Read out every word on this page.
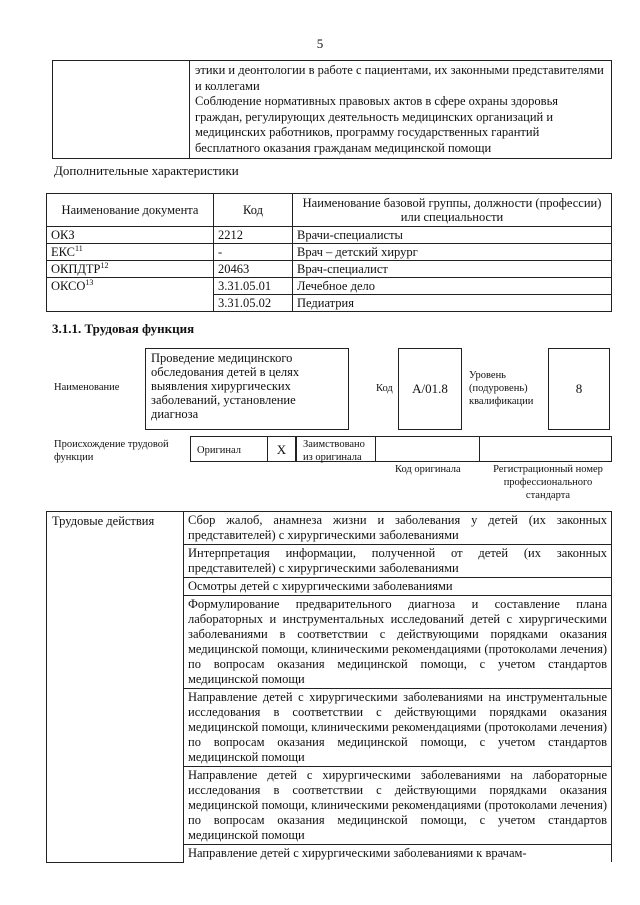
5

этики и деонтологии в работе с пациентами, их законными представителями и коллегами
Соблюдение нормативных правовых актов в сфере охраны здоровья граждан, регулирующих деятельность медицинских организаций и медицинских работников, программу государственных гарантий бесплатного оказания гражданам медицинской помощи
Дополнительные характеристики
Наименование документа	Код	Наименование базовой группы, должности (профессии) или специальности
ОКЗ	2212	Врачи-специалисты
ЕКС$^{11}$	-	Врач – детский хирург
ОКПДТР$^{12}$	20463	Врач-специалист
ОКСО$^{13}$	3.31.05.01	Лечебное дело
	3.31.05.02	Педиатрия
3.1.1. Трудовая функция
Наименование
Проведение медицинского обследования детей в целях выявления хирургических заболеваний, установление диагноза
Код А/01.8
Уровень (подуровень) квалификации
8
Происхождение трудовой функции
Оригинал	X	Заимствовано из оригинала
Код оригинала	Регистрационный номер профессионального стандарта
Трудовые действия	Сбор жалоб, анамнеза жизни и заболевания у детей (их законных представителей) с хирургическими заболеваниями
Интерпретация информации, полученной от детей (их законных представителей) с хирургическими заболеваниями
Осмотры детей с хирургическими заболеваниями
Формулирование предварительного диагноза и составление плана лабораторных и инструментальных исследований детей с хирургическими заболеваниями в соответствии с действующими порядками оказания медицинской помощи, клиническими рекомендациями (протоколами лечения) по вопросам оказания медицинской помощи, с учетом стандартов медицинской помощи
Направление детей с хирургическими заболеваниями на инструментальные исследования в соответствии с действующими порядками оказания медицинской помощи, клиническими рекомендациями (протоколами лечения) по вопросам оказания медицинской помощи, с учетом стандартов медицинской помощи
Направление детей с хирургическими заболеваниями на лабораторные исследования в соответствии с действующими порядками оказания медицинской помощи, клиническими рекомендациями (протоколами лечения) по вопросам оказания медицинской помощи, с учетом стандартов медицинской помощи
Направление детей с хирургическими заболеваниями к врачам-
